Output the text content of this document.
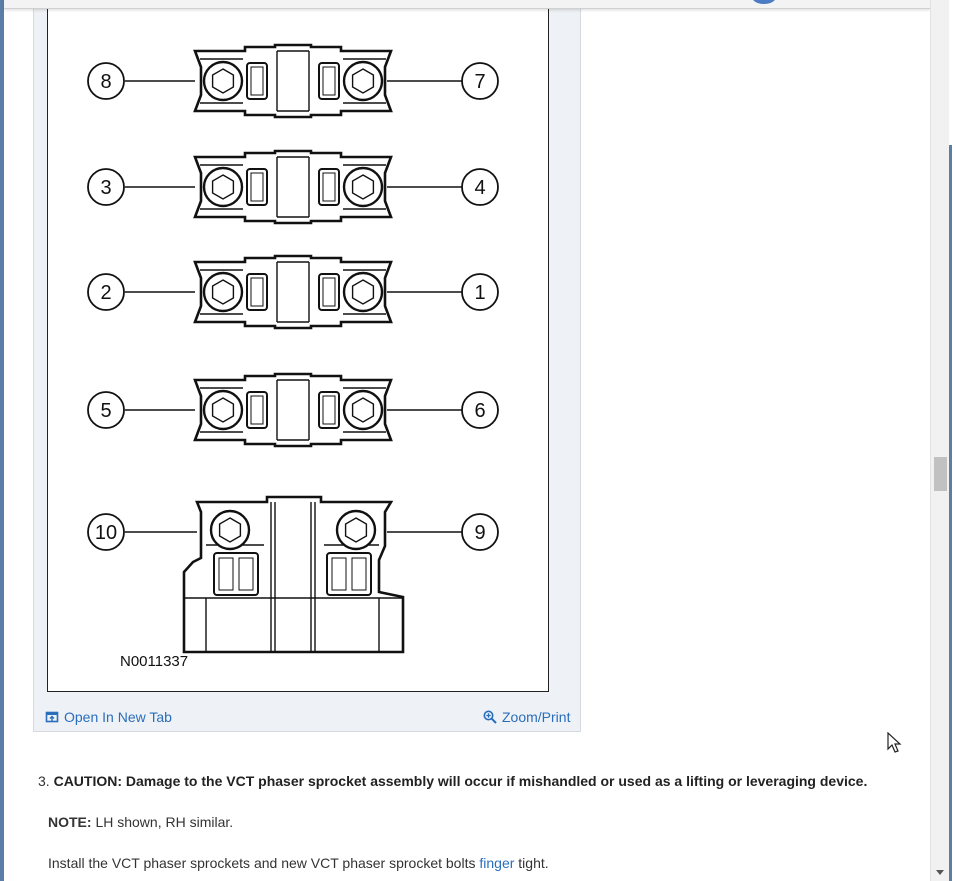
8	7
3	4
2	1
5	6
10	9
N0011337
Open In New Tab	Zoom/Print
3. CAUTION: Damage to the VCT phaser sprocket assembly will occur if mishandled or used as a lifting or leveraging device.
NOTE: LH shown, RH similar.
Install the VCT phaser sprockets and new VCT phaser sprocket bolts finger tight.
